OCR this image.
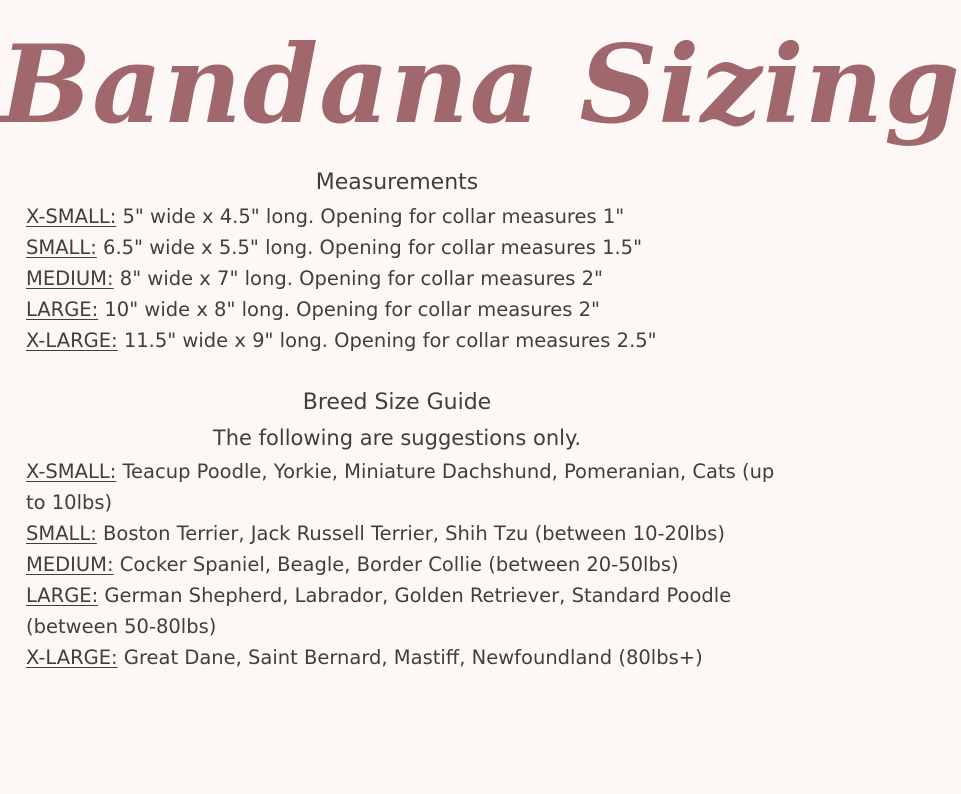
Bandana Sizing
Measurements
X-SMALL: 5" wide x 4.5" long. Opening for collar measures 1"
SMALL: 6.5" wide x 5.5" long. Opening for collar measures 1.5"
MEDIUM: 8" wide x 7" long. Opening for collar measures 2"
LARGE: 10" wide x 8" long. Opening for collar measures 2"
X-LARGE: 11.5" wide x 9" long. Opening for collar measures 2.5"
Breed Size Guide
The following are suggestions only.
X-SMALL: Teacup Poodle, Yorkie, Miniature Dachshund, Pomeranian, Cats (up to 10lbs)
SMALL: Boston Terrier, Jack Russell Terrier, Shih Tzu (between 10-20lbs)
MEDIUM: Cocker Spaniel, Beagle, Border Collie (between 20-50lbs)
LARGE: German Shepherd, Labrador, Golden Retriever, Standard Poodle (between 50-80lbs)
X-LARGE: Great Dane, Saint Bernard, Mastiff, Newfoundland (80lbs+)
